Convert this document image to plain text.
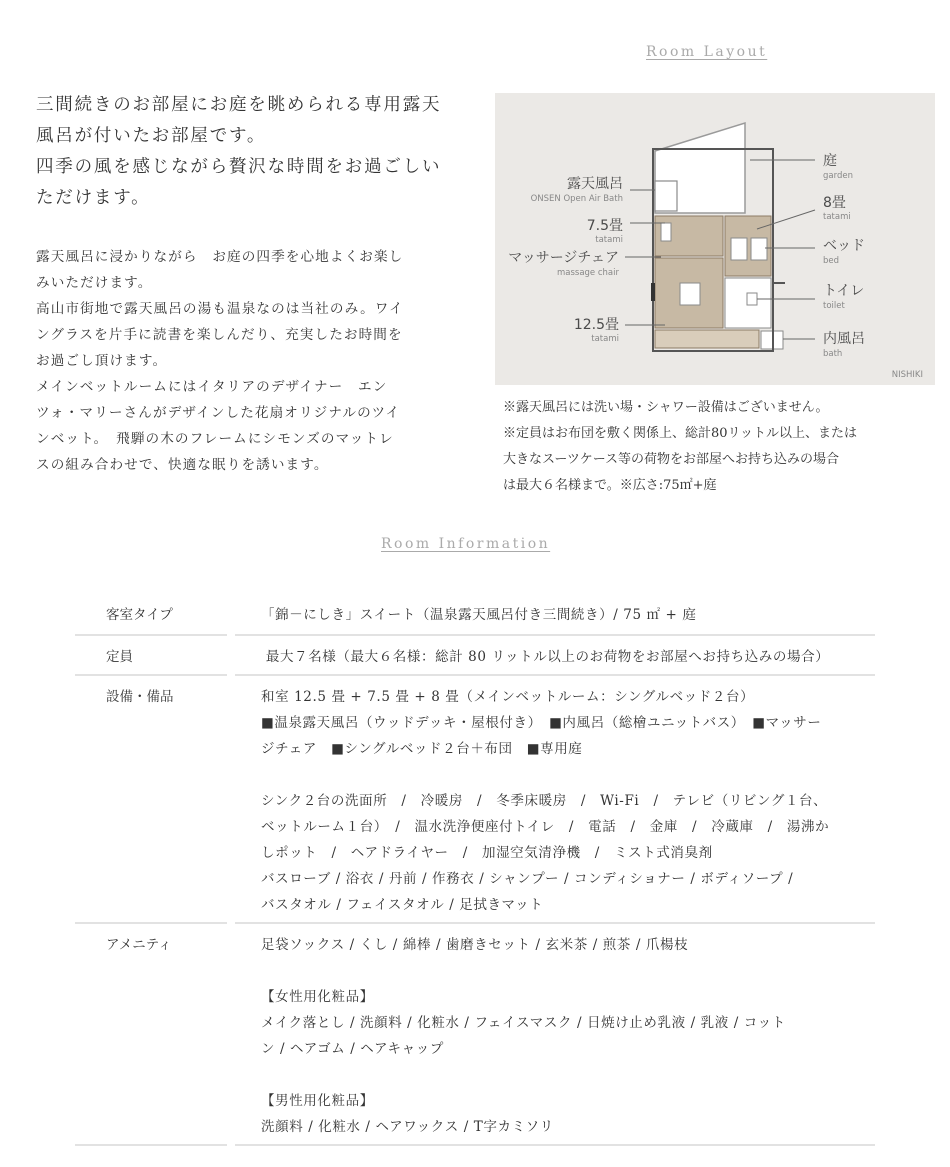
Room Layout

三間続きのお部屋にお庭を眺められる専用露天

風呂が付いたお部屋です。

四季の風を感じながら贅沢な時間をお過ごしい

ただけます。

露天風呂に浸かりながら　お庭の四季を心地よくお楽し

みいただけます。

高山市街地で露天風呂の湯も温泉なのは当社のみ。ワイ

ングラスを片手に読書を楽しんだり、充実したお時間を

お過ごし頂けます。

メインベットルームにはイタリアのデザイナー　エン

ツォ・マリーさんがデザインした花扇オリジナルのツイ

ンベット。　飛騨の木のフレームにシモンズのマットレ

スの組み合わせで、快適な眠りを誘います。

庭
garden
露天風呂
ONSEN Open Air Bath	8畳
tatami
7.5畳
tatami	ベッド
bed
マッサージチェア
massage chair
トイレ
toilet
12.5畳
tatami	内風呂
bath
NISHIKI

※露天風呂には洗い場・シャワー設備はございません。

※定員はお布団を敷く関係上、総計80リットル以上、または

大きなスーツケース等の荷物をお部屋へお持ち込みの場合

は最大６名様まで。※広さ:75㎡+庭

Room Information
客室タイプ	「錦－にしき」スイート（温泉露天風呂付き三間続き）/ 75 ㎡ + 庭

定員	最大７名様（最大６名様：総計 80 リットル以上のお荷物をお部屋へお持ち込みの場合）

設備・備品	和室 12.5 畳 + 7.5 畳 + 8 畳（メインベットルーム：シングルベッド２台）

■温泉露天風呂（ウッドデッキ・屋根付き）　■内風呂（総檜ユニットバス）　■マッサー

ジチェア　■シングルベッド２台＋布団　■専用庭

シンク２台の洗面所　/　冷暖房　/　冬季床暖房　/　Wi-Fi　/　テレビ（リビング１台、

ベットルーム１台）　/　温水洗浄便座付トイレ　/　電話　/　金庫　/　冷蔵庫　/　湯沸か

しポット　/　ヘアドライヤー　/　加湿空気清浄機　/　ミスト式消臭剤

バスローブ / 浴衣 / 丹前 / 作務衣 / シャンプー / コンディショナー / ボディソープ /

バスタオル / フェイスタオル / 足拭きマット

アメニティ	足袋ソックス / くし / 綿棒 / 歯磨きセット / 玄米茶 / 煎茶 / 爪楊枝

【女性用化粧品】

メイク落とし / 洗顔料 / 化粧水 / フェイスマスク / 日焼け止め乳液 / 乳液 / コット

ン / ヘアゴム / ヘアキャップ

【男性用化粧品】

洗顔料 / 化粧水 / ヘアワックス / T字カミソリ
